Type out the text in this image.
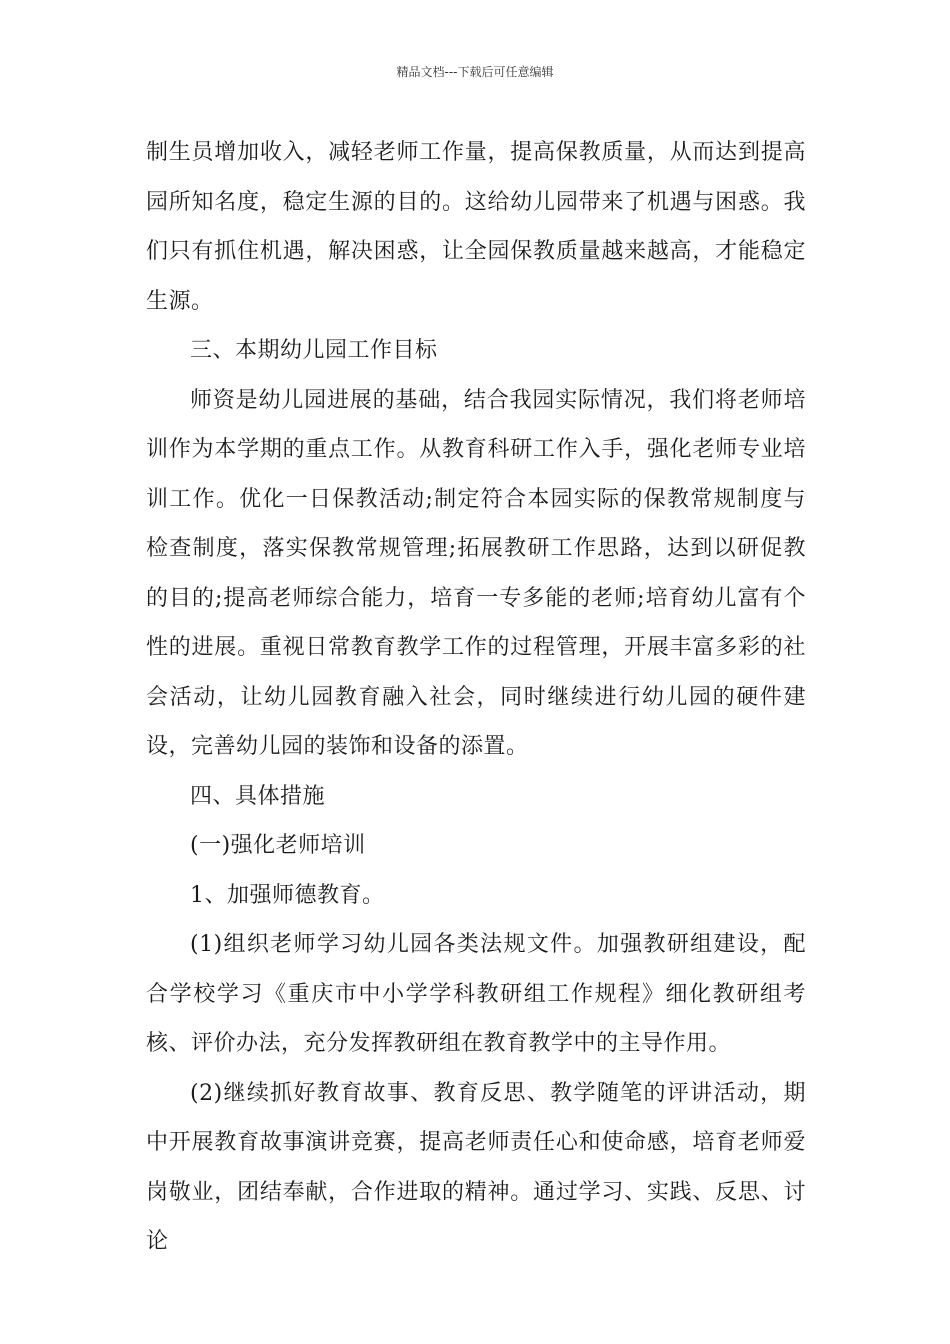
精品文档---下载后可任意编辑

制生员增加收入，减轻老师工作量，提高保教质量，从而达到提高园所知名度，稳定生源的目的。这给幼儿园带来了机遇与困惑。我们只有抓住机遇，解决困惑，让全园保教质量越来越高，才能稳定生源。

三、本期幼儿园工作目标

师资是幼儿园进展的基础，结合我园实际情况，我们将老师培训作为本学期的重点工作。从教育科研工作入手，强化老师专业培训工作。优化一日保教活动;制定符合本园实际的保教常规制度与检查制度，落实保教常规管理;拓展教研工作思路，达到以研促教的目的;提高老师综合能力，培育一专多能的老师;培育幼儿富有个性的进展。重视日常教育教学工作的过程管理，开展丰富多彩的社会活动，让幼儿园教育融入社会，同时继续进行幼儿园的硬件建设，完善幼儿园的装饰和设备的添置。

四、具体措施

(一)强化老师培训

1、加强师德教育。

(1)组织老师学习幼儿园各类法规文件。加强教研组建设，配合学校学习《重庆市中小学学科教研组工作规程》细化教研组考核、评价办法，充分发挥教研组在教育教学中的主导作用。

(2)继续抓好教育故事、教育反思、教学随笔的评讲活动，期中开展教育故事演讲竞赛，提高老师责任心和使命感，培育老师爱岗敬业，团结奉献，合作进取的精神。通过学习、实践、反思、讨论
